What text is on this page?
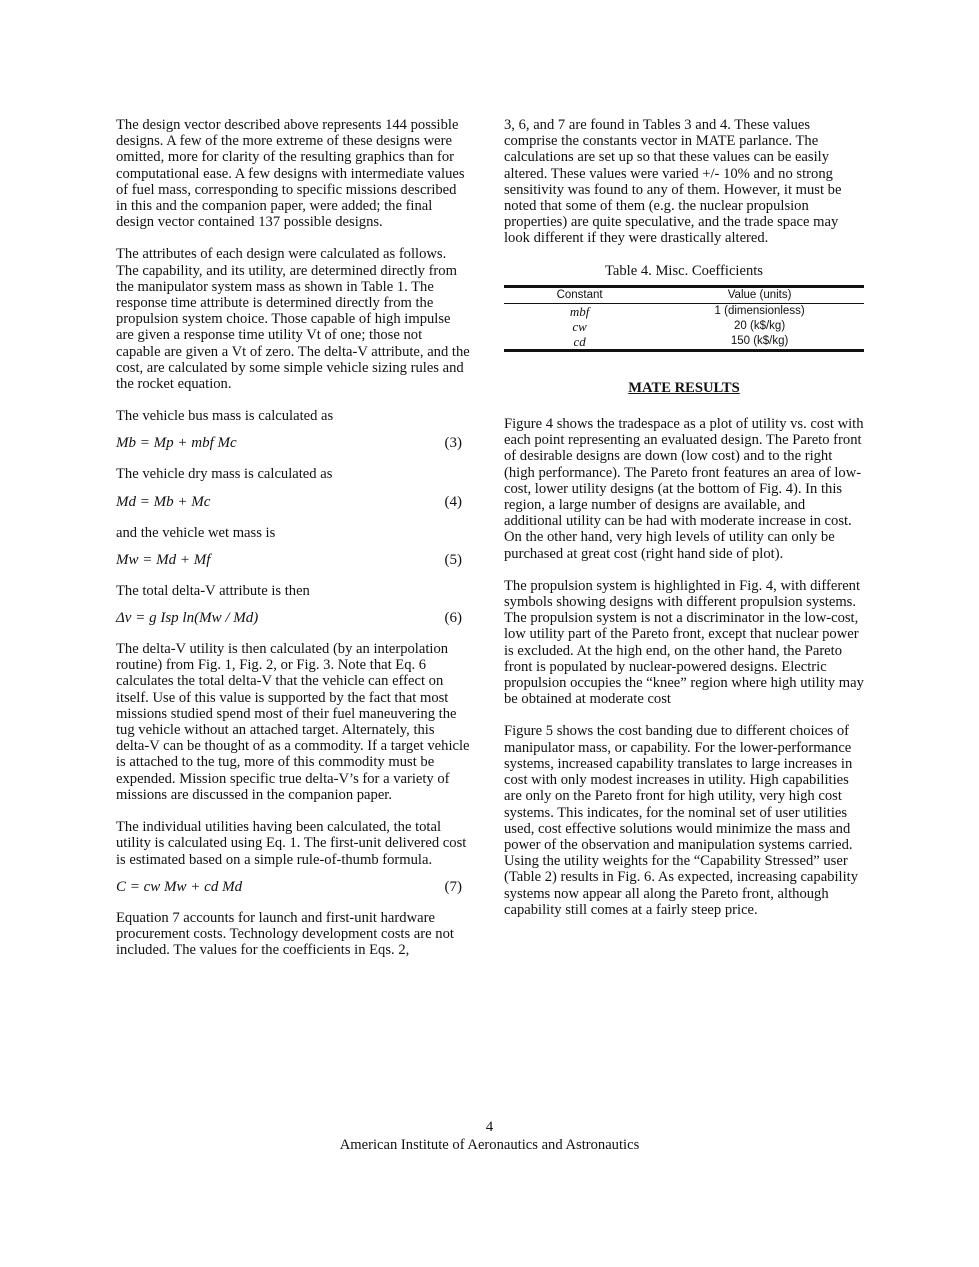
The design vector described above represents 144 possible designs. A few of the more extreme of these designs were omitted, more for clarity of the resulting graphics than for computational ease. A few designs with intermediate values of fuel mass, corresponding to specific missions described in this and the companion paper, were added; the final design vector contained 137 possible designs.

The attributes of each design were calculated as follows. The capability, and its utility, are determined directly from the manipulator system mass as shown in Table 1. The response time attribute is determined directly from the propulsion system choice. Those capable of high impulse are given a response time utility Vt of one; those not capable are given a Vt of zero. The delta-V attribute, and the cost, are calculated by some simple vehicle sizing rules and the rocket equation.

The vehicle bus mass is calculated as

Mb = Mp + mbf Mc	(3)

The vehicle dry mass is calculated as

Md = Mb + Mc	(4)

and the vehicle wet mass is

Mw = Md + Mf	(5)

The total delta-V attribute is then

Δv = g Isp ln(Mw / Md)	(6)

The delta-V utility is then calculated (by an interpolation routine) from Fig. 1, Fig. 2, or Fig. 3. Note that Eq. 6 calculates the total delta-V that the vehicle can effect on itself. Use of this value is supported by the fact that most missions studied spend most of their fuel maneuvering the tug vehicle without an attached target. Alternately, this delta-V can be thought of as a commodity. If a target vehicle is attached to the tug, more of this commodity must be expended. Mission specific true delta-V’s for a variety of missions are discussed in the companion paper.

The individual utilities having been calculated, the total utility is calculated using Eq. 1. The first-unit delivered cost is estimated based on a simple rule-of-thumb formula.

C = cw Mw + cd Md	(7)

Equation 7 accounts for launch and first-unit hardware procurement costs. Technology development costs are not included. The values for the coefficients in Eqs. 2,

3, 6, and 7 are found in Tables 3 and 4. These values comprise the constants vector in MATE parlance. The calculations are set up so that these values can be easily altered. These values were varied +/- 10% and no strong sensitivity was found to any of them. However, it must be noted that some of them (e.g. the nuclear propulsion properties) are quite speculative, and the trade space may look different if they were drastically altered.

Table 4. Misc. Coefficients
Constant	Value (units)

mbf	1 (dimensionless)
cw	20 (k$/kg)
cd	150 (k$/kg)
MATE RESULTS

Figure 4 shows the tradespace as a plot of utility vs. cost with each point representing an evaluated design. The Pareto front of desirable designs are down (low cost) and to the right (high performance). The Pareto front features an area of low-cost, lower utility designs (at the bottom of Fig. 4). In this region, a large number of designs are available, and additional utility can be had with moderate increase in cost. On the other hand, very high levels of utility can only be purchased at great cost (right hand side of plot).

The propulsion system is highlighted in Fig. 4, with different symbols showing designs with different propulsion systems. The propulsion system is not a discriminator in the low-cost, low utility part of the Pareto front, except that nuclear power is excluded. At the high end, on the other hand, the Pareto front is populated by nuclear-powered designs. Electric propulsion occupies the “knee” region where high utility may be obtained at moderate cost

Figure 5 shows the cost banding due to different choices of manipulator mass, or capability. For the lower-performance systems, increased capability translates to large increases in cost with only modest increases in utility. High capabilities are only on the Pareto front for high utility, very high cost systems. This indicates, for the nominal set of user utilities used, cost effective solutions would minimize the mass and power of the observation and manipulation systems carried. Using the utility weights for the “Capability Stressed” user (Table 2) results in Fig. 6. As expected, increasing capability systems now appear all along the Pareto front, although capability still comes at a fairly steep price.

4
American Institute of Aeronautics and Astronautics
